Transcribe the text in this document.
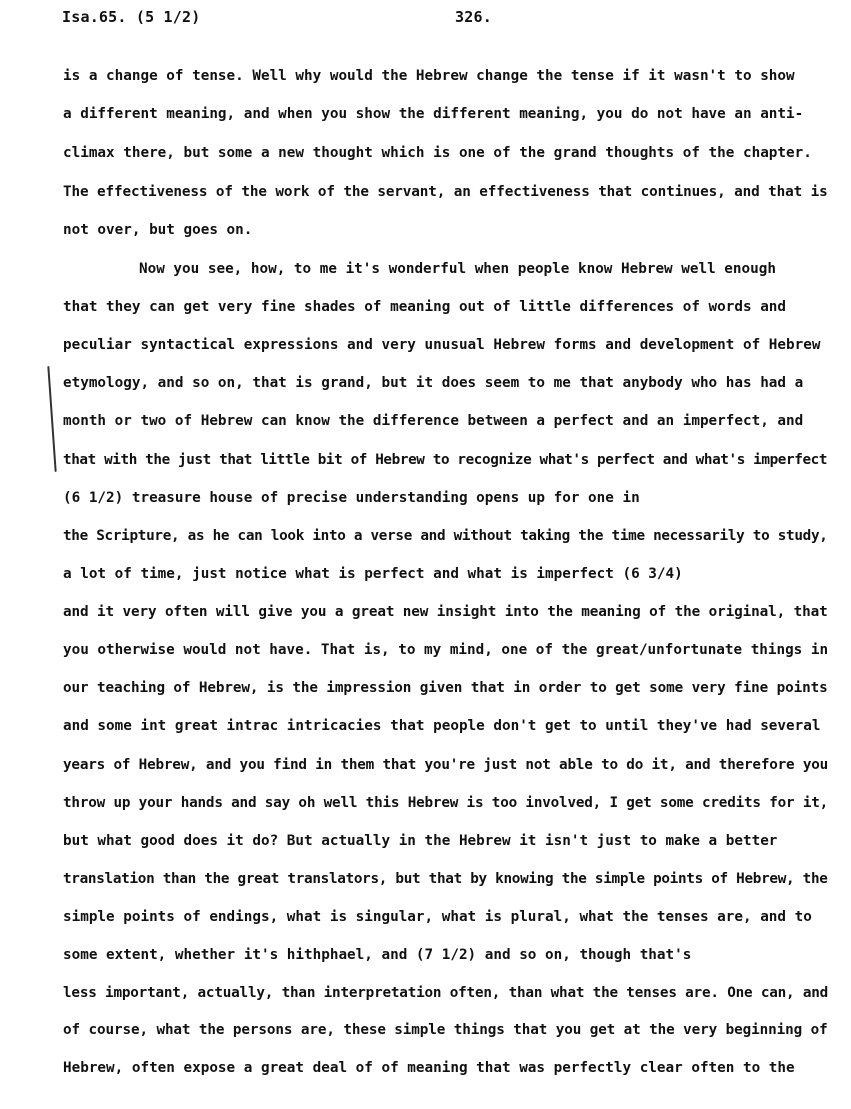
Isa.65. (5 1/2)	326.
is a change of tense. Well why would the Hebrew change the tense if it wasn't to show
a different meaning, and when you show the different meaning, you do not have an anti-
climax there, but some a new thought which is one of the grand thoughts of the chapter.
The effectiveness of the work of the servant, an effectiveness that continues, and that is
not over, but goes on.
Now you see, how, to me it's wonderful when people know Hebrew well enough
that they can get very fine shades of meaning out of little differences of words and
peculiar syntactical expressions and very unusual Hebrew forms and development of Hebrew
etymology, and so on, that is grand, but it does seem to me that anybody who has had a
month or two of Hebrew can know the difference between a perfect and an imperfect, and
that with the just that little bit of Hebrew to recognize what's perfect and what's imperfect
(6 1/2) treasure house of precise understanding opens up for one in
the Scripture, as he can look into a verse and without taking the time necessarily to study,
a lot of time, just notice what is perfect and what is imperfect (6 3/4)
and it very often will give you a great new insight into the meaning of the original, that
you otherwise would not have. That is, to my mind, one of the great/unfortunate things in
our teaching of Hebrew, is the impression given that in order to get some very fine points
and some int great intrac intricacies that people don't get to until they've had several
years of Hebrew, and you find in them that you're just not able to do it, and therefore you
throw up your hands and say oh well this Hebrew is too involved, I get some credits for it,
but what good does it do? But actually in the Hebrew it isn't just to make a better
translation than the great translators, but that by knowing the simple points of Hebrew, the
simple points of endings, what is singular, what is plural, what the tenses are, and to
some extent, whether it's hithphael, and (7 1/2) and so on, though that's
less important, actually, than interpretation often, than what the tenses are. One can, and
of course, what the persons are, these simple things that you get at the very beginning of
Hebrew, often expose a great deal of of meaning that was perfectly clear often to the
